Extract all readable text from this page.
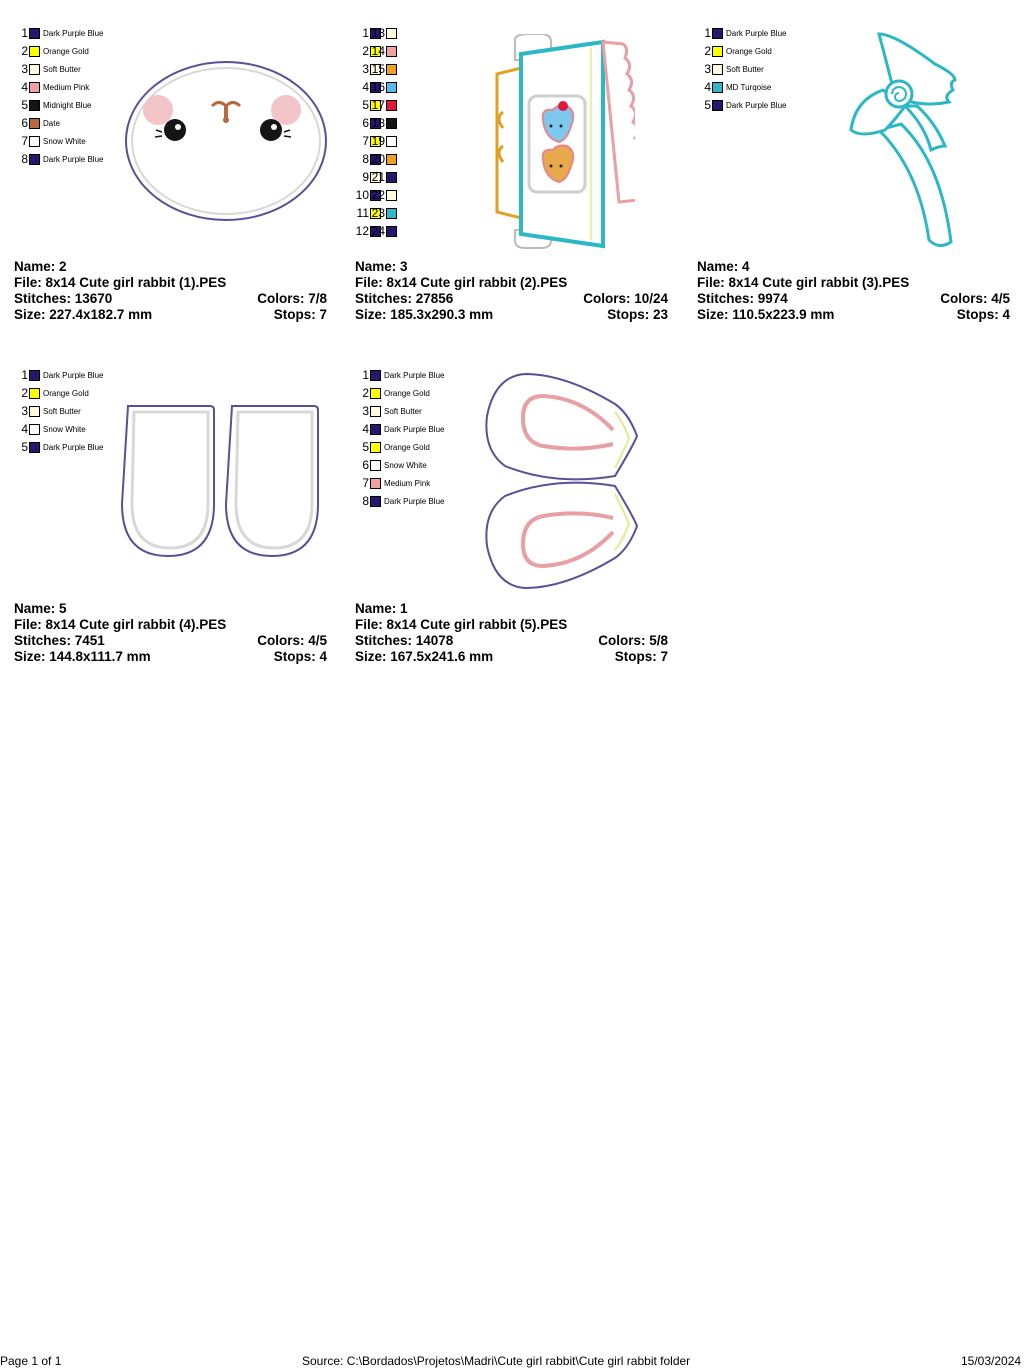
1 Dark Purple Blue
2 Orange Gold
3 Soft Butter
4 Medium Pink
5 Midnight Blue
6 Date
7 Snow White
8 Dark Purple Blue
Name: 2
File: 8x14 Cute girl rabbit (1).PES
Stitches: 13670	Colors: 7/8
Size: 227.4x182.7 mm	Stops: 7
1
2
3
4
5
6
7
8
9
10
11
12
13
14
15
16
17
18
19
20
21
22
23
24
Name: 3
File: 8x14 Cute girl rabbit (2).PES
Stitches: 27856	Colors: 10/24
Size: 185.3x290.3 mm	Stops: 23
1 Dark Purple Blue
2 Orange Gold
3 Soft Butter
4 MD Turqoise
5 Dark Purple Blue
Name: 4
File: 8x14 Cute girl rabbit (3).PES
Stitches: 9974	Colors: 4/5
Size: 110.5x223.9 mm	Stops: 4
1 Dark Purple Blue
2 Orange Gold
3 Soft Butter
4 Snow White
5 Dark Purple Blue
Name: 5
File: 8x14 Cute girl rabbit (4).PES
Stitches: 7451	Colors: 4/5
Size: 144.8x111.7 mm	Stops: 4
1 Dark Purple Blue
2 Orange Gold
3 Soft Butter
4 Dark Purple Blue
5 Orange Gold
6 Snow White
7 Medium Pink
8 Dark Purple Blue
Name: 1
File: 8x14 Cute girl rabbit (5).PES
Stitches: 14078	Colors: 5/8
Size: 167.5x241.6 mm	Stops: 7
Page 1 of 1	Source: C:\Bordados\Projetos\Madri\Cute girl rabbit\Cute girl rabbit folder	15/03/2024
